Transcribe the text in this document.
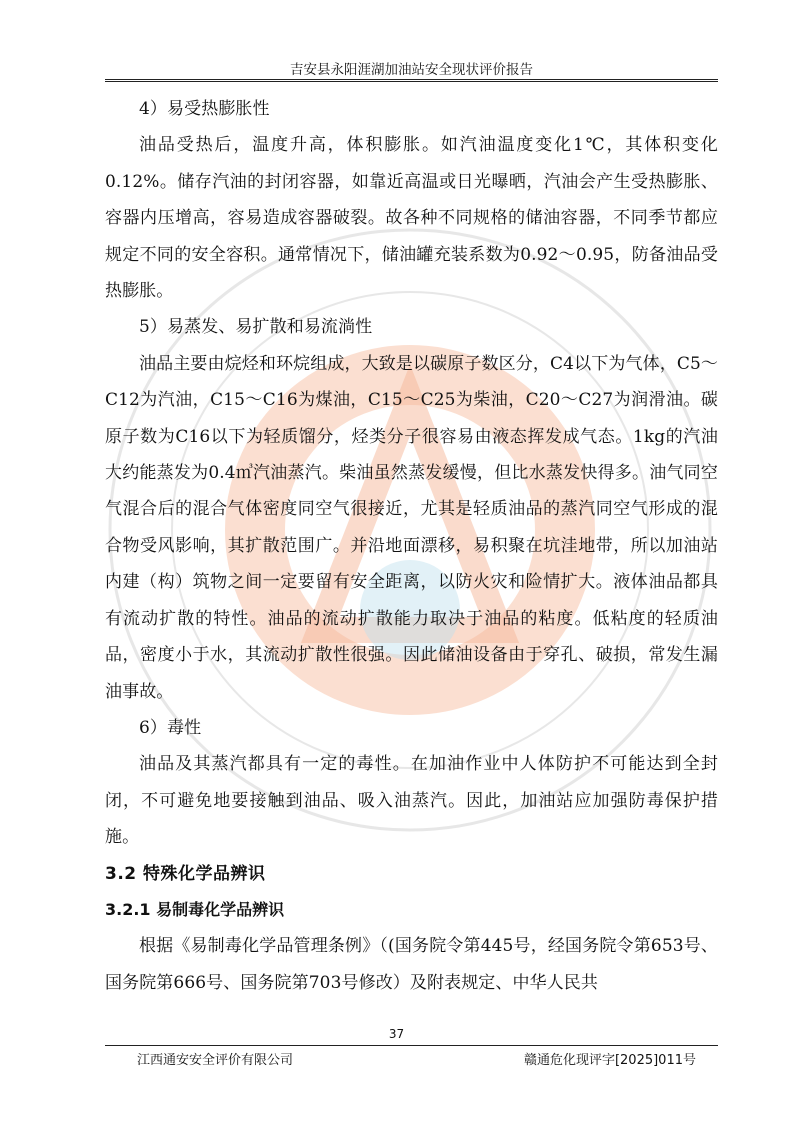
吉安县永阳涯湖加油站安全现状评价报告

4）易受热膨胀性

油品受热后，温度升高，体积膨胀。如汽油温度变化1℃，其体积变化0.12%。储存汽油的封闭容器，如靠近高温或日光曝晒，汽油会产生受热膨胀、容器内压增高，容易造成容器破裂。故各种不同规格的储油容器，不同季节都应规定不同的安全容积。通常情况下，储油罐充装系数为0.92～0.95，防备油品受热膨胀。

5）易蒸发、易扩散和易流淌性

油品主要由烷烃和环烷组成，大致是以碳原子数区分，C4以下为气体，C5～C12为汽油，C15～C16为煤油，C15～C25为柴油，C20～C27为润滑油。碳原子数为C16以下为轻质馏分，烃类分子很容易由液态挥发成气态。1kg的汽油大约能蒸发为0.4㎥汽油蒸汽。柴油虽然蒸发缓慢，但比水蒸发快得多。油气同空气混合后的混合气体密度同空气很接近，尤其是轻质油品的蒸汽同空气形成的混合物受风影响，其扩散范围广。并沿地面漂移，易积聚在坑洼地带，所以加油站内建（构）筑物之间一定要留有安全距离，以防火灾和险情扩大。液体油品都具有流动扩散的特性。油品的流动扩散能力取决于油品的粘度。低粘度的轻质油品，密度小于水，其流动扩散性很强。因此储油设备由于穿孔、破损，常发生漏油事故。

6）毒性

油品及其蒸汽都具有一定的毒性。在加油作业中人体防护不可能达到全封闭，不可避免地要接触到油品、吸入油蒸汽。因此，加油站应加强防毒保护措施。

3.2 特殊化学品辨识

3.2.1 易制毒化学品辨识

根据《易制毒化学品管理条例》（(国务院令第445号，经国务院令第653号、国务院第666号、国务院第703号修改）及附表规定、中华人民共

37
江西通安安全评价有限公司	赣通危化现评字[2025]011号
